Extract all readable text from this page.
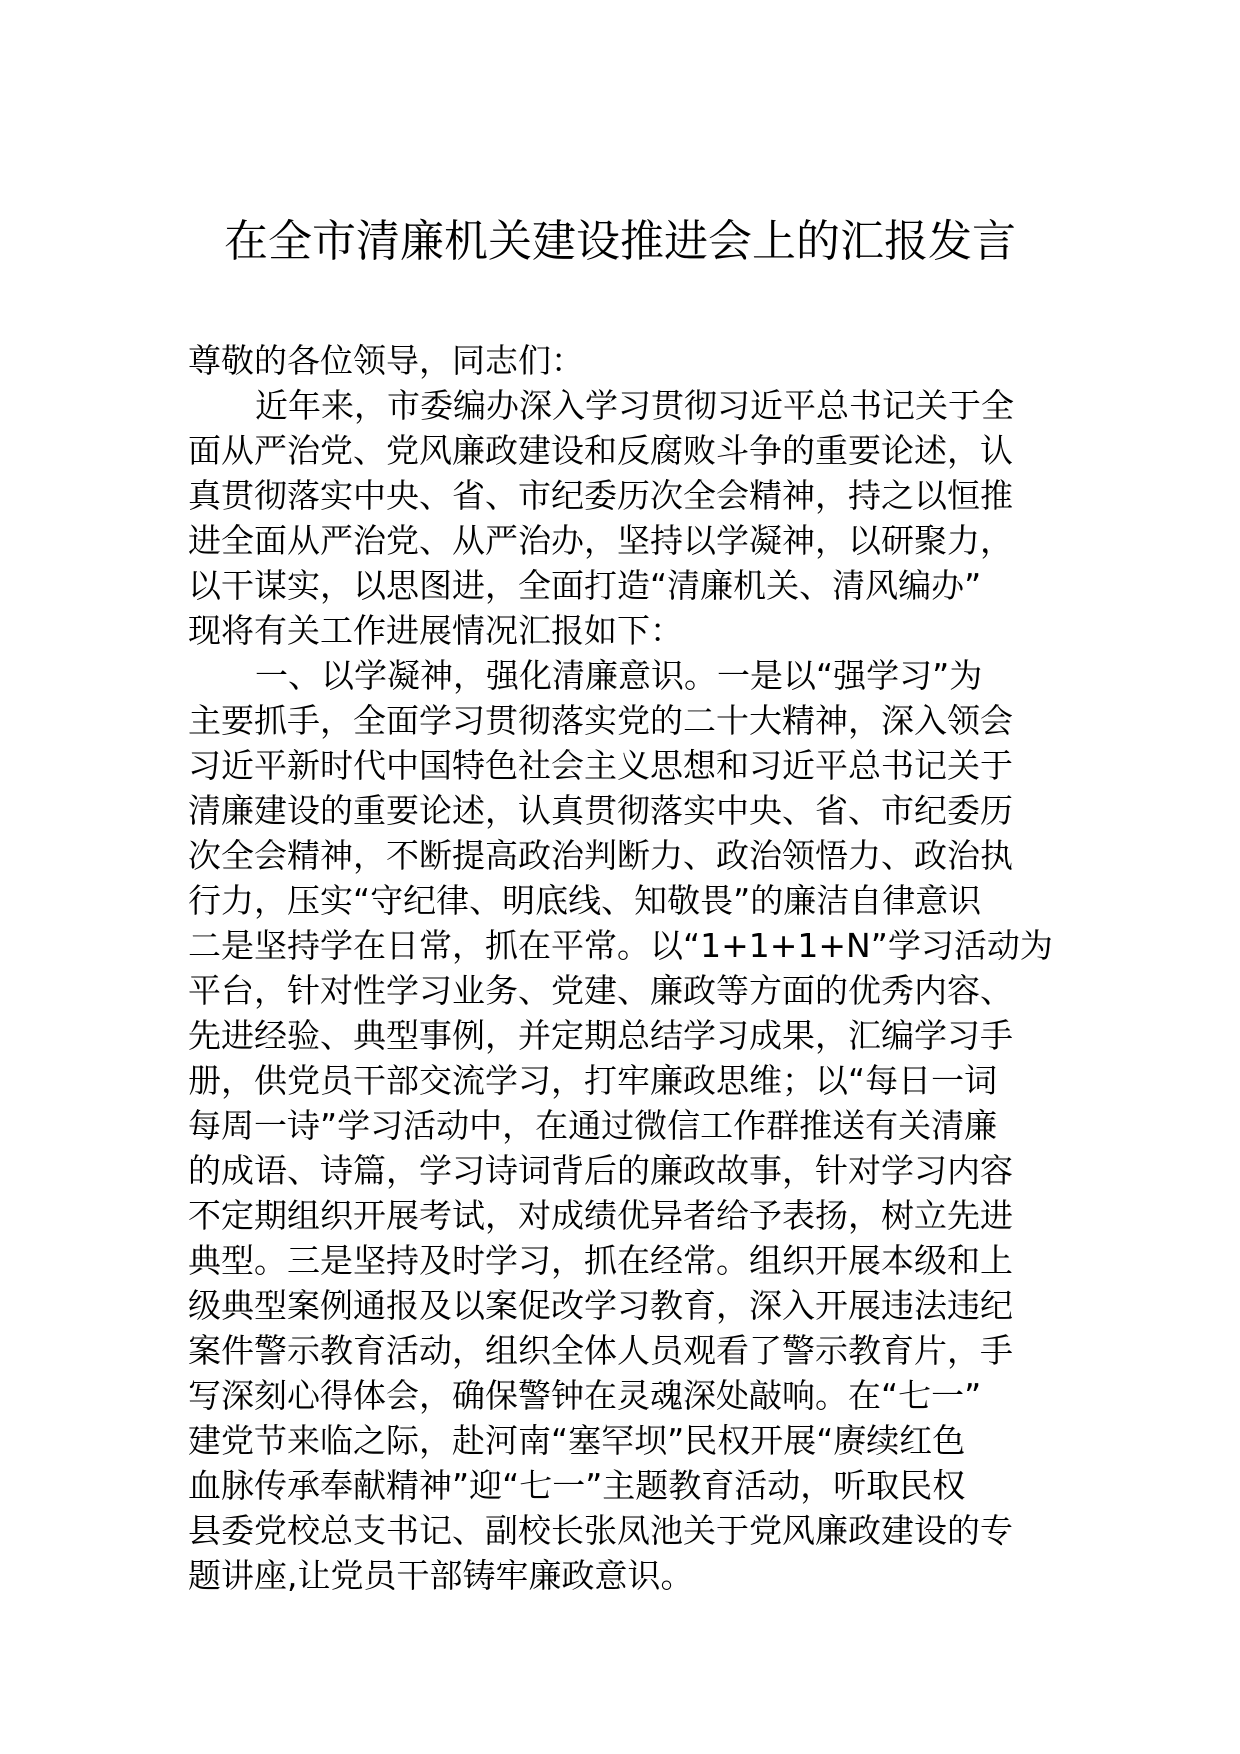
在全市清廉机关建设推进会上的汇报发言
尊敬的各位领导，同志们：
近年来，市委编办深入学习贯彻习近平总书记关于全
面从严治党、党风廉政建设和反腐败斗争的重要论述，认
真贯彻落实中央、省、市纪委历次全会精神，持之以恒推
进全面从严治党、从严治办，坚持以学凝神，以研聚力，
以干谋实，以思图进，全面打造“清廉机关、清风编办”
现将有关工作进展情况汇报如下：
一、以学凝神，强化清廉意识。一是以“强学习”为
主要抓手，全面学习贯彻落实党的二十大精神，深入领会
习近平新时代中国特色社会主义思想和习近平总书记关于
清廉建设的重要论述，认真贯彻落实中央、省、市纪委历
次全会精神，不断提高政治判断力、政治领悟力、政治执
行力，压实“守纪律、明底线、知敬畏”的廉洁自律意识
二是坚持学在日常，抓在平常。以“1+1+1+N”学习活动为
平台，针对性学习业务、党建、廉政等方面的优秀内容、
先进经验、典型事例，并定期总结学习成果，汇编学习手
册，供党员干部交流学习，打牢廉政思维；以“每日一词
每周一诗”学习活动中，在通过微信工作群推送有关清廉
的成语、诗篇，学习诗词背后的廉政故事，针对学习内容
不定期组织开展考试，对成绩优异者给予表扬，树立先进
典型。三是坚持及时学习，抓在经常。组织开展本级和上
级典型案例通报及以案促改学习教育，深入开展违法违纪
案件警示教育活动，组织全体人员观看了警示教育片，手
写深刻心得体会，确保警钟在灵魂深处敲响。在“七一”
建党节来临之际，赴河南“塞罕坝”民权开展“赓续红色
血脉传承奉献精神”迎“七一”主题教育活动，听取民权
县委党校总支书记、副校长张凤池关于党风廉政建设的专
题讲座,让党员干部铸牢廉政意识。
